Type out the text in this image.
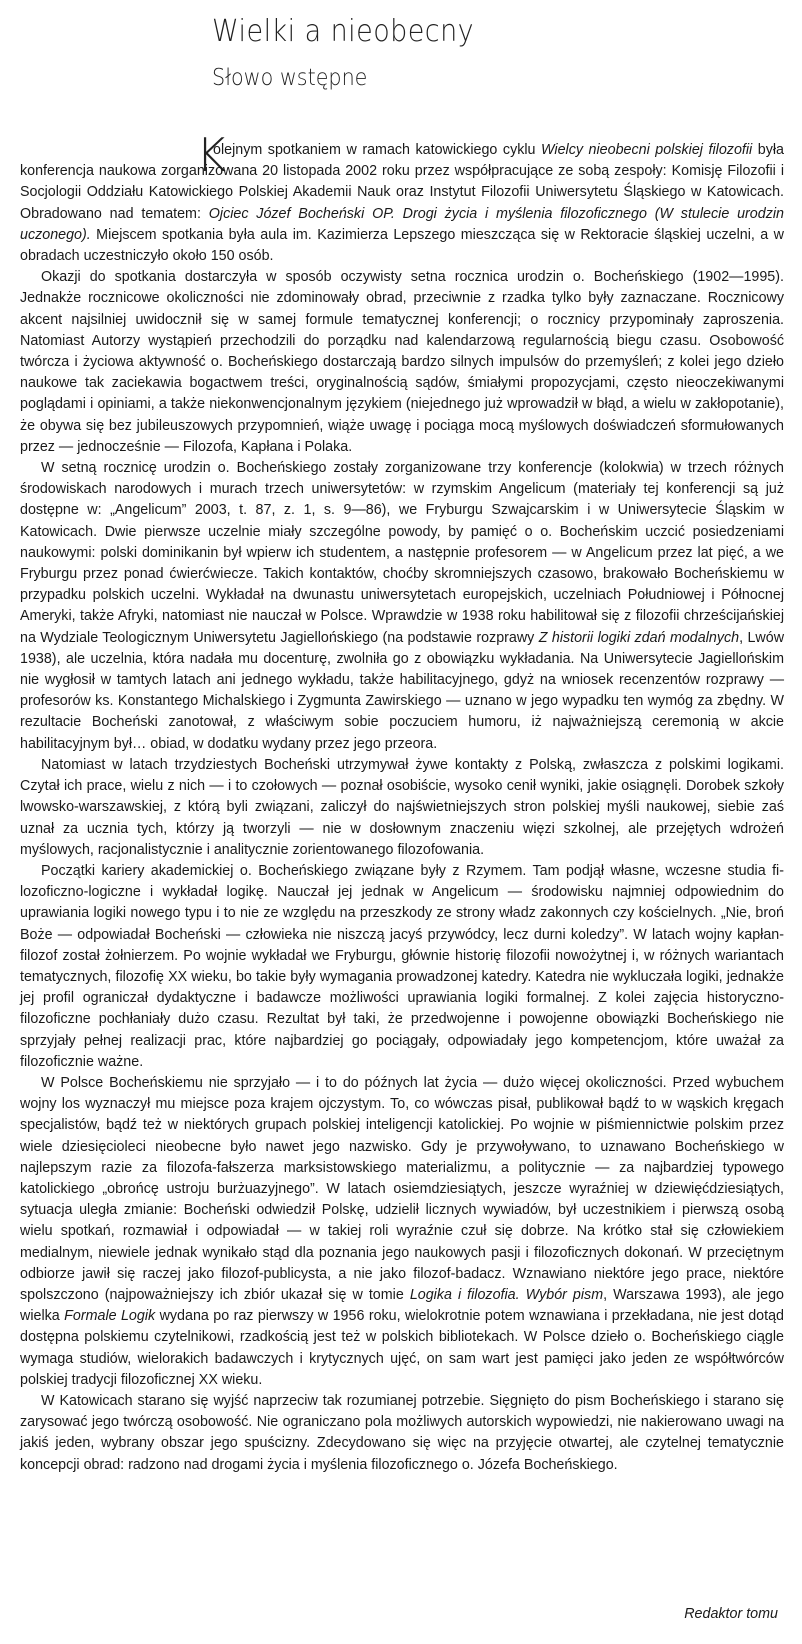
Wielki a nieobecny
Słowo wstępne
K

olejnym spotkaniem w ramach katowickiego cyklu Wielcy nieobecni polskiej filozofii była konferencja naukowa zorganizowana 20 listopada 2002 roku przez współpracujące ze sobą zespoły: Komisję Filozofii i Socjologii Oddziału Katowickiego Polskiej Akademii Nauk oraz Instytut Filozofii Uniwersytetu Śląskiego w Katowicach. Obradowano nad tematem: Ojciec Józef Bocheński OP. Drogi życia i myślenia filozoficznego (W stulecie urodzin uczonego). Miejscem spotkania była aula im. Kazimierza Lepszego mieszcząca się w Rektoracie śląskiej uczelni, a w obradach uczestniczyło około 150 osób.

Okazji do spotkania dostarczyła w sposób oczywisty setna rocznica urodzin o. Bocheńskiego (1902—1995). Jednakże rocznicowe okoliczności nie zdominowały obrad, przeciwnie z rzadka tylko były zaznaczane. Rocznicowy akcent najsilniej uwidocznił się w samej formule tematycznej konferencji; o rocznicy przypominały zaproszenia. Natomiast Autorzy wystąpień przechodzili do porządku nad kalendarzową regularnością biegu czasu. Osobowość twórcza i życiowa aktywność o. Bocheńskiego dostarczają bardzo silnych impulsów do przemyśleń; z kolei jego dzieło naukowe tak zaciekawia bogactwem treści, oryginalnością sądów, śmiałymi propozycjami, często nieoczekiwanymi poglądami i opiniami, a także niekonwencjonalnym językiem (niejednego już wprowadził w błąd, a wielu w zakłopotanie), że obywa się bez jubileuszowych przypomnień, wiąże uwagę i pociąga mocą myślowych doświadczeń sformułowanych przez — jednocześnie — Filozofa, Kapłana i Polaka.

W setną rocznicę urodzin o. Bocheńskiego zostały zorganizowane trzy konferencje (kolokwia) w trzech różnych środowiskach narodowych i murach trzech uniwersytetów: w rzymskim Angelicum (materiały tej konferencji są już dostępne w: „Angelicum” 2003, t. 87, z. 1, s. 9—86), we Fryburgu Szwajcarskim i w Uniwersytecie Śląskim w Katowicach. Dwie pierwsze uczelnie miały szczególne powody, by pamięć o o. Bocheńskim uczcić posiedzeniami naukowymi: polski dominikanin był wpierw ich studentem, a następnie profesorem — w Angelicum przez lat pięć, a we Fryburgu przez ponad ćwierćwiecze. Takich kontaktów, choćby skromniejszych czasowo, brakowało Bocheńskiemu w przypadku polskich uczelni. Wykładał na dwunastu uniwersytetach europejskich, uczelniach Południowej i Północnej Ameryki, także Afryki, natomiast nie nauczał w Polsce. Wprawdzie w 1938 roku habilitował się z filozofii chrześcijańskiej na Wydziale Teologicznym Uniwersytetu Jagiellońskiego (na podstawie rozprawy Z historii logiki zdań modalnych, Lwów 1938), ale uczelnia, która nadała mu docenturę, zwolniła go z obowiązku wykładania. Na Uniwersytecie Jagiellońskim nie wygłosił w tamtych latach ani jednego wykładu, także habilitacyjnego, gdyż na wniosek recenzentów rozprawy — profesorów ks. Konstantego Michalskiego i Zygmunta Zawirskiego — uznano w jego wypadku ten wymóg za zbędny. W rezultacie Bocheński zanotował, z właściwym sobie poczuciem humoru, iż najważniejszą ceremonią w akcie habilitacyjnym był… obiad, w dodatku wydany przez jego przeora.

Natomiast w latach trzydziestych Bocheński utrzymywał żywe kontakty z Polską, zwłaszcza z polskimi logikami. Czytał ich prace, wielu z nich — i to czołowych — poznał osobiście, wysoko cenił wyniki, jakie osiągnęli. Dorobek szkoły lwowsko-warszawskiej, z którą byli związani, zaliczył do najświetniejszych stron polskiej myśli naukowej, siebie zaś uznał za ucznia tych, którzy ją tworzyli — nie w dosłownym znaczeniu więzi szkolnej, ale przejętych wdrożeń myślowych, racjonalistycznie i analitycznie zorientowanego filozofowania.

Początki kariery akademickiej o. Bocheńskiego związane były z Rzymem. Tam podjął własne, wczesne studia filozoficzno-logiczne i wykładał logikę. Nauczał jej jednak w Angelicum — środowisku najmniej odpowiednim do uprawiania logiki nowego typu i to nie ze względu na przeszkody ze strony władz zakonnych czy kościelnych. „Nie, broń Boże — odpowiadał Bocheński — człowieka nie niszczą jacyś przywódcy, lecz durni koledzy”. W latach wojny kapłan-filozof został żołnierzem. Po wojnie wykładał we Fryburgu, głównie historię filozofii nowożytnej i, w różnych wariantach tematycznych, filozofię XX wieku, bo takie były wymagania prowadzonej katedry. Katedra nie wykluczała logiki, jednakże jej profil ograniczał dydaktyczne i badawcze możliwości uprawiania logiki formalnej. Z kolei zajęcia historyczno-filozoficzne pochłaniały dużo czasu. Rezultat był taki, że przedwojenne i powojenne obowiązki Bocheńskiego nie sprzyjały pełnej realizacji prac, które najbardziej go pociągały, odpowiadały jego kompetencjom, które uważał za filozoficznie ważne.

W Polsce Bocheńskiemu nie sprzyjało — i to do późnych lat życia — dużo więcej okoliczności. Przed wybuchem wojny los wyznaczył mu miejsce poza krajem ojczystym. To, co wówczas pisał, publikował bądź to w wąskich kręgach specjalistów, bądź też w niektórych grupach polskiej inteligencji katolickiej. Po wojnie w piśmiennictwie polskim przez wiele dziesięcioleci nieobecne było nawet jego nazwisko. Gdy je przywoływano, to uznawano Bocheńskiego w najlepszym razie za filozofa-fałszerza marksistowskiego materializmu, a politycznie — za najbardziej typowego katolickiego „obrońcę ustroju burżuazyjnego”. W latach osiemdziesiątych, jeszcze wyraźniej w dziewięćdziesiątych, sytuacja uległa zmianie: Bocheński odwiedził Polskę, udzielił licznych wywiadów, był uczestnikiem i pierwszą osobą wielu spotkań, rozmawiał i odpowiadał — w takiej roli wyraźnie czuł się dobrze. Na krótko stał się człowiekiem medialnym, niewiele jednak wynikało stąd dla poznania jego naukowych pasji i filozoficznych dokonań. W przeciętnym odbiorze jawił się raczej jako filozof-publicysta, a nie jako filozof-badacz. Wznawiano niektóre jego prace, niektóre spolszczono (najpoważniejszy ich zbiór ukazał się w tomie Logika i filozofia. Wybór pism, Warszawa 1993), ale jego wielka Formale Logik wydana po raz pierwszy w 1956 roku, wielokrotnie potem wznawiana i przekładana, nie jest dotąd dostępna polskiemu czytelnikowi, rzadkością jest też w polskich bibliotekach. W Polsce dzieło o. Bocheńskiego ciągle wymaga studiów, wielorakich badawczych i krytycznych ujęć, on sam wart jest pamięci jako jeden ze współtwórców polskiej tradycji filozoficznej XX wieku.

W Katowicach starano się wyjść naprzeciw tak rozumianej potrzebie. Sięgnięto do pism Bocheńskiego i starano się zarysować jego twórczą osobowość. Nie ograniczano pola możliwych autorskich wypowiedzi, nie nakierowano uwagi na jakiś jeden, wybrany obszar jego spuścizny. Zdecydowano się więc na przyjęcie otwartej, ale czytelnej tematycznie koncepcji obrad: radzono nad drogami życia i myślenia filozoficznego o. Józefa Bocheńskiego.

Redaktor tomu
